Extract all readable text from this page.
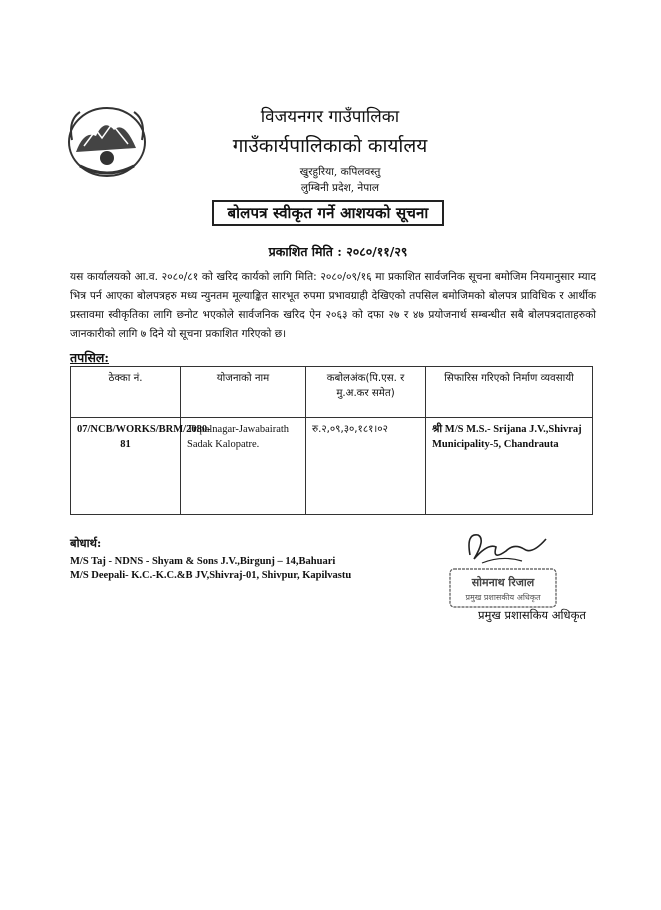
विजयनगर गाउँपालिका
गाउँकार्यपालिकाको कार्यालय
खुरहुरिया, कपिलवस्तु
लुम्बिनी प्रदेश, नेपाल
बोलपत्र स्वीकृत गर्ने आशयको सूचना
प्रकाशित मिति : २०८०/११/२९
यस कार्यालयको आ.व. २०८०/८१ को खरिद कार्यको लागि मिति: २०८०/०९/१६ मा प्रकाशित सार्वजनिक सूचना बमोजिम नियमानुसार म्याद भित्र पर्न आएका बोलपत्रहरु मध्य न्युनतम मूल्याङ्कित सारभूत रुपमा प्रभावग्राही देखिएको तपसिल बमोजिमको बोलपत्र प्राविधिक र आर्थीक प्रस्तावमा स्वीकृतिका लागि छनोट भएकोले सार्वजनिक खरिद ऐन २०६३ को दफा २७ र ४७ प्रयोजनार्थ सम्बन्धीत सबै बोलपत्रदाताहरुको जानकारीको लागि ७ दिने यो सूचना प्रकाशित गरिएको छ।
तपसिल:
ठेक्का नं.	योजनाको नाम	कबोलअंक(पि.एस. र मु.अ.कर समेत)	सिफारिस गरिएको निर्माण व्यवसायी
07/NCB/WORKS/BRM/2080-81	Tripalnagar-Jawabairath Sadak Kalopatre.	रु.२,०९,३०,१८१।०२	श्री M/S M.S.- Srijana J.V.,Shivraj Municipality-5, Chandrauta
बोधार्थ:
M/S Taj - NDNS - Shyam & Sons J.V.,Birgunj – 14,Bahuari
M/S Deepali- K.C.-K.C.&B JV,Shivraj-01, Shivpur, Kapilvastu
सोमनाथ रिजाल
प्रमुख प्रशासकीय अधिकृत
प्रमुख प्रशासकिय अधिकृत
